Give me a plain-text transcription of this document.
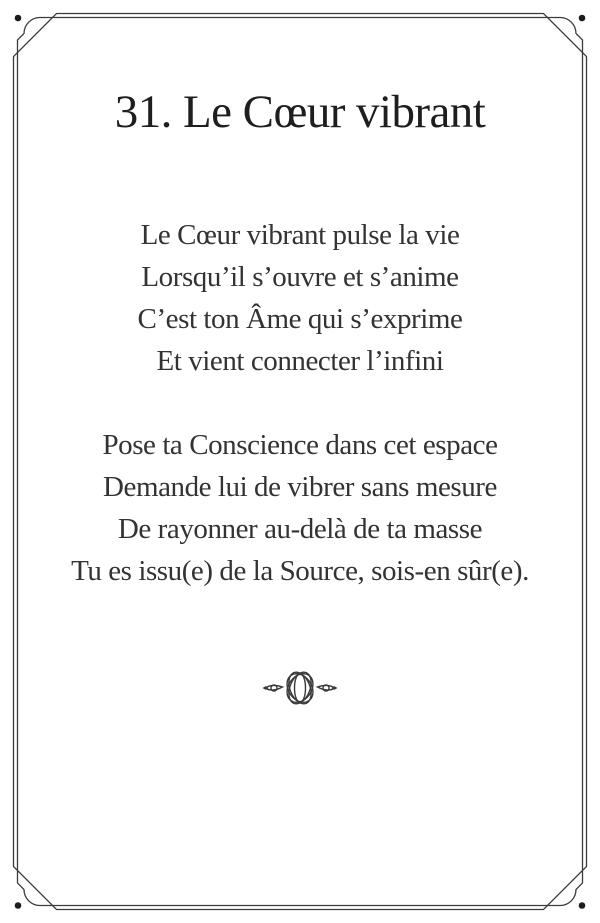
31. Le Cœur vibrant
Le Cœur vibrant pulse la vie
Lorsqu’il s’ouvre et s’anime
C’est ton Âme qui s’exprime
Et vient connecter l’infini
Pose ta Conscience dans cet espace
Demande lui de vibrer sans mesure
De rayonner au-delà de ta masse
Tu es issu(e) de la Source, sois-en sûr(e).
